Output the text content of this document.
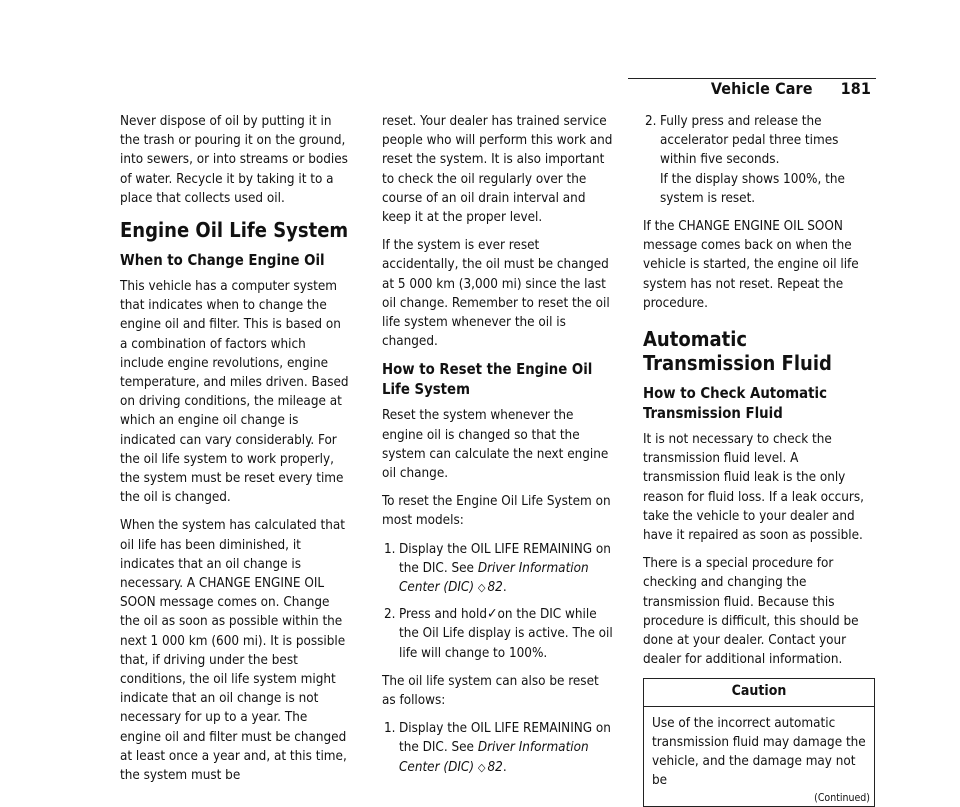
Vehicle Care 181

Never dispose of oil by putting it in the trash or pouring it on the ground, into sewers, or into streams or bodies of water. Recycle it by taking it to a place that collects used oil.

Engine Oil Life System
When to Change Engine Oil

This vehicle has a computer system that indicates when to change the engine oil and filter. This is based on a combination of factors which include engine revolutions, engine temperature, and miles driven. Based on driving conditions, the mileage at which an engine oil change is indicated can vary considerably. For the oil life system to work properly, the system must be reset every time the oil is changed.

When the system has calculated that oil life has been diminished, it indicates that an oil change is necessary. A CHANGE ENGINE OIL SOON message comes on. Change the oil as soon as possible within the next 1 000 km (600 mi). It is possible that, if driving under the best conditions, the oil life system might indicate that an oil change is not necessary for up to a year. The engine oil and filter must be changed at least once a year and, at this time, the system must be

reset. Your dealer has trained service people who will perform this work and reset the system. It is also important to check the oil regularly over the course of an oil drain interval and keep it at the proper level.

If the system is ever reset accidentally, the oil must be changed at 5 000 km (3,000 mi) since the last oil change. Remember to reset the oil life system whenever the oil is changed.

How to Reset the Engine Oil Life System

Reset the system whenever the engine oil is changed so that the system can calculate the next engine oil change.

To reset the Engine Oil Life System on most models:

1. Display the OIL LIFE REMAINING on the DIC. See Driver Information Center (DIC) ◇ 82.
2. Press and hold✓on the DIC while the Oil Life display is active. The oil life will change to 100%.

The oil life system can also be reset as follows:

1. Display the OIL LIFE REMAINING on the DIC. See Driver Information Center (DIC) ◇ 82.
2. Fully press and release the accelerator pedal three times within five seconds.
If the display shows 100%, the system is reset.

If the CHANGE ENGINE OIL SOON message comes back on when the vehicle is started, the engine oil life system has not reset. Repeat the procedure.

Automatic Transmission Fluid
How to Check Automatic Transmission Fluid

It is not necessary to check the transmission fluid level. A transmission fluid leak is the only reason for fluid loss. If a leak occurs, take the vehicle to your dealer and have it repaired as soon as possible.

There is a special procedure for checking and changing the transmission fluid. Because this procedure is difficult, this should be done at your dealer. Contact your dealer for additional information.

Caution
Use of the incorrect automatic transmission fluid may damage the vehicle, and the damage may not be
(Continued)
